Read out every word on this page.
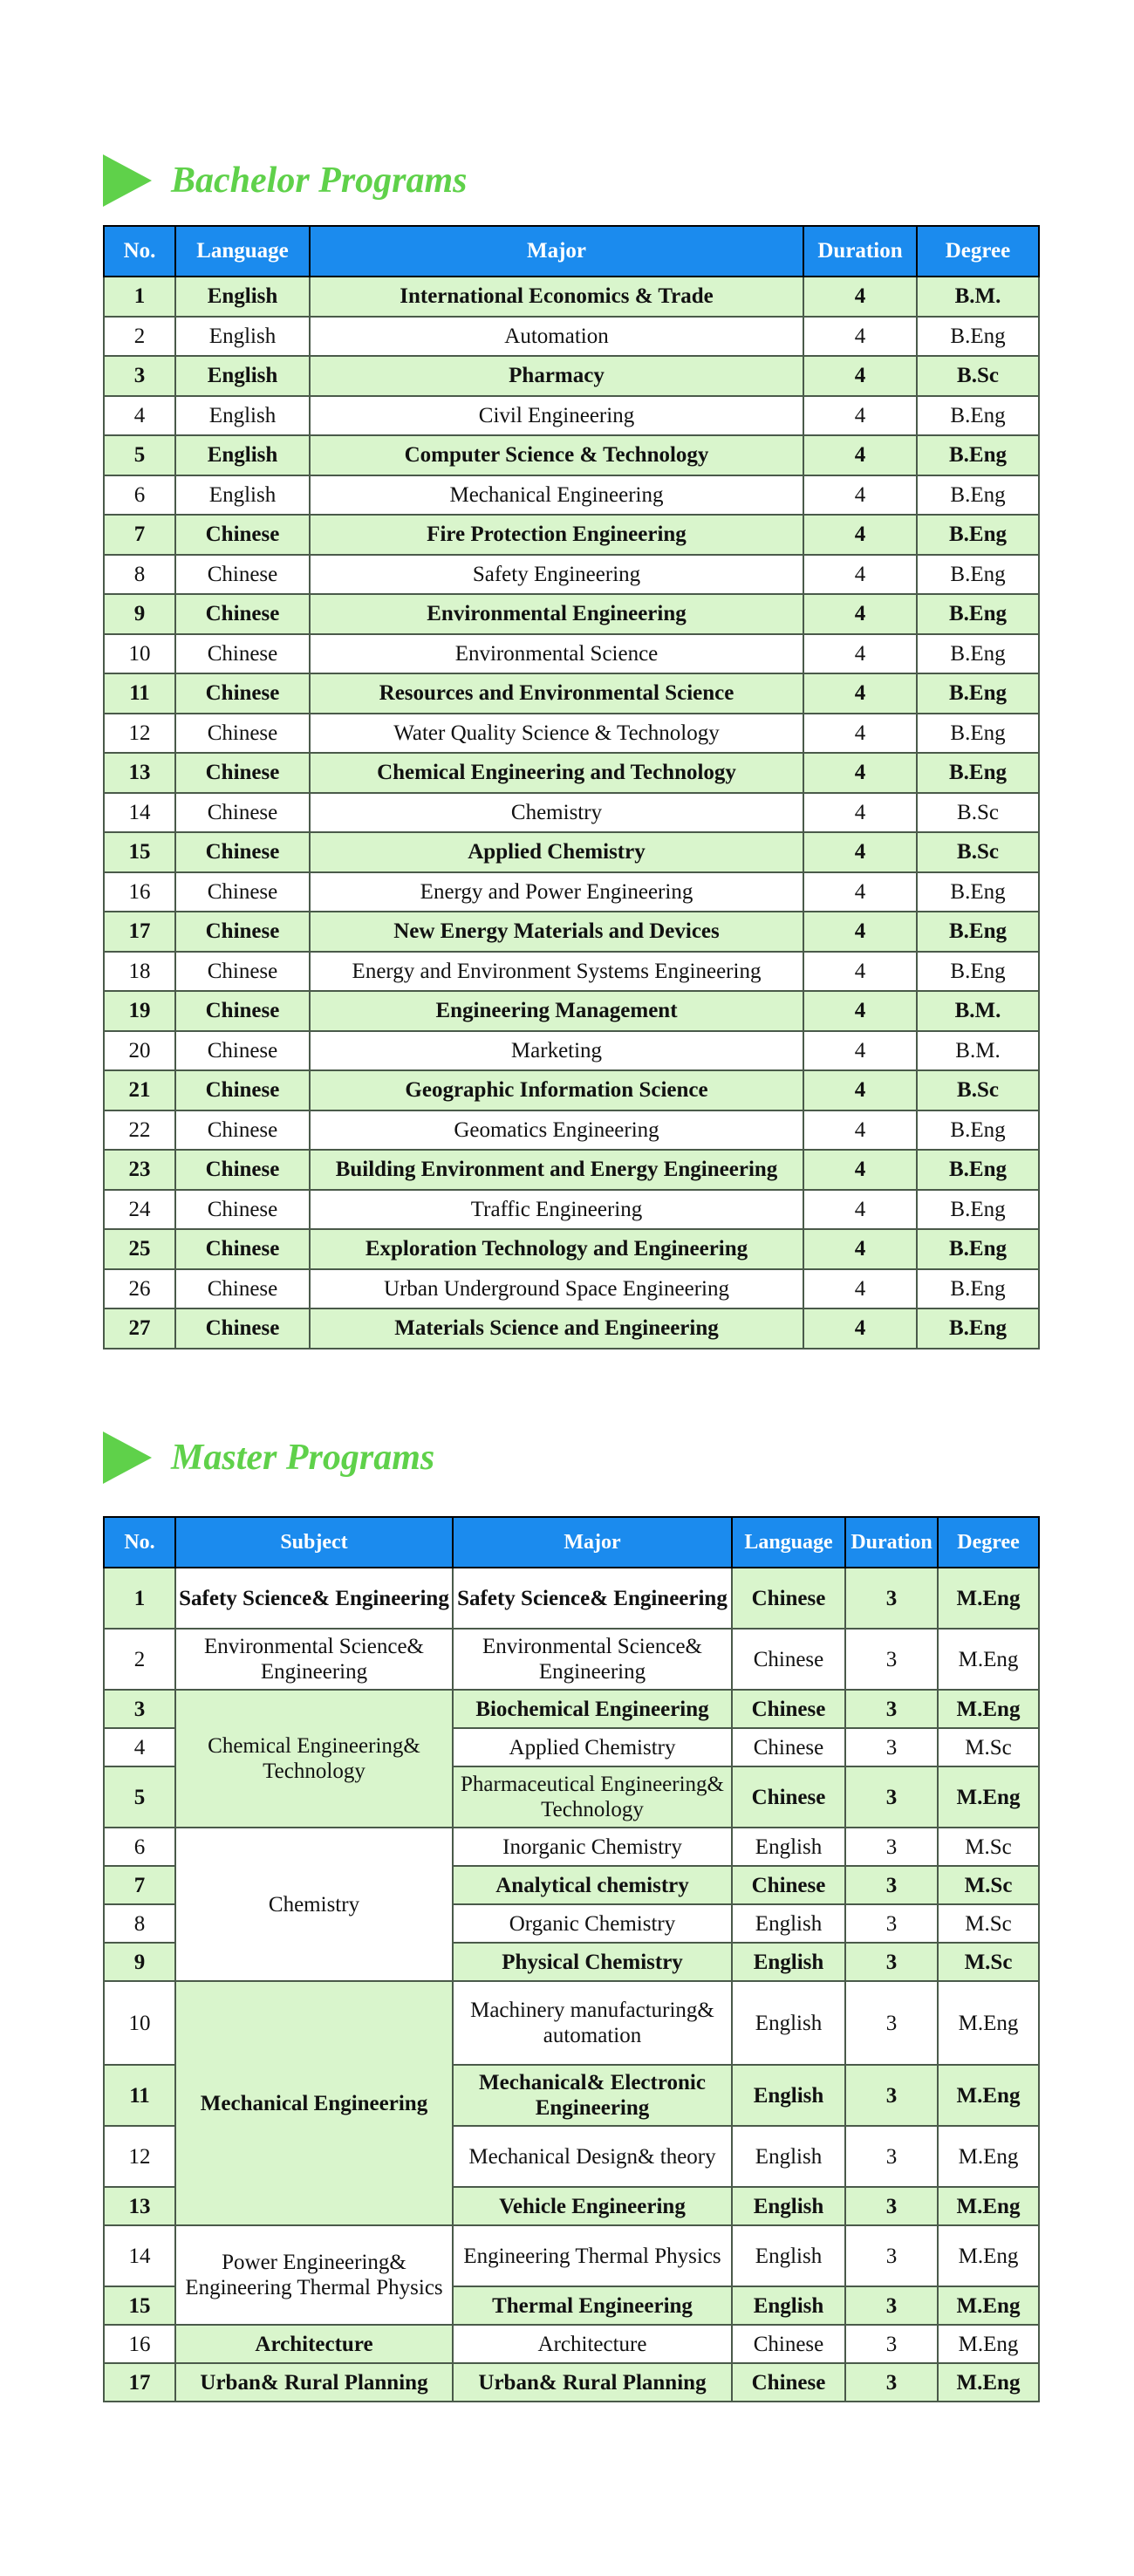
Bachelor Programs
No.	Language	Major	Duration	Degree
1	English	International Economics & Trade	4	B.M.
2	English	Automation	4	B.Eng
3	English	Pharmacy	4	B.Sc
4	English	Civil Engineering	4	B.Eng
5	English	Computer Science & Technology	4	B.Eng
6	English	Mechanical Engineering	4	B.Eng
7	Chinese	Fire Protection Engineering	4	B.Eng
8	Chinese	Safety Engineering	4	B.Eng
9	Chinese	Environmental Engineering	4	B.Eng
10	Chinese	Environmental Science	4	B.Eng
11	Chinese	Resources and Environmental Science	4	B.Eng
12	Chinese	Water Quality Science & Technology	4	B.Eng
13	Chinese	Chemical Engineering and Technology	4	B.Eng
14	Chinese	Chemistry	4	B.Sc
15	Chinese	Applied Chemistry	4	B.Sc
16	Chinese	Energy and Power Engineering	4	B.Eng
17	Chinese	New Energy Materials and Devices	4	B.Eng
18	Chinese	Energy and Environment Systems Engineering	4	B.Eng
19	Chinese	Engineering Management	4	B.M.
20	Chinese	Marketing	4	B.M.
21	Chinese	Geographic Information Science	4	B.Sc
22	Chinese	Geomatics Engineering	4	B.Eng
23	Chinese	Building Environment and Energy Engineering	4	B.Eng
24	Chinese	Traffic Engineering	4	B.Eng
25	Chinese	Exploration Technology and Engineering	4	B.Eng
26	Chinese	Urban Underground Space Engineering	4	B.Eng
27	Chinese	Materials Science and Engineering	4	B.Eng
Master Programs
No.	Subject	Major	Language	Duration	Degree
1	Safety Science& Engineering	Safety Science& Engineering	Chinese	3	M.Eng
2	Environmental Science& Engineering	Environmental Science& Engineering	Chinese	3	M.Eng
3	Chemical Engineering& Technology	Biochemical Engineering	Chinese	3	M.Eng
4		Applied Chemistry	Chinese	3	M.Sc
5		Pharmaceutical Engineering& Technology	Chinese	3	M.Eng
6	Chemistry	Inorganic Chemistry	English	3	M.Sc
7		Analytical chemistry	Chinese	3	M.Sc
8		Organic Chemistry	English	3	M.Sc
9		Physical Chemistry	English	3	M.Sc
10	Mechanical Engineering	Machinery manufacturing& automation	English	3	M.Eng
11		Mechanical& Electronic Engineering	English	3	M.Eng
12		Mechanical Design& theory	English	3	M.Eng
13		Vehicle Engineering	English	3	M.Eng
14	Power Engineering& Engineering Thermal Physics	Engineering Thermal Physics	English	3	M.Eng
15		Thermal Engineering	English	3	M.Eng
16	Architecture	Architecture	Chinese	3	M.Eng
17	Urban& Rural Planning	Urban& Rural Planning	Chinese	3	M.Eng
